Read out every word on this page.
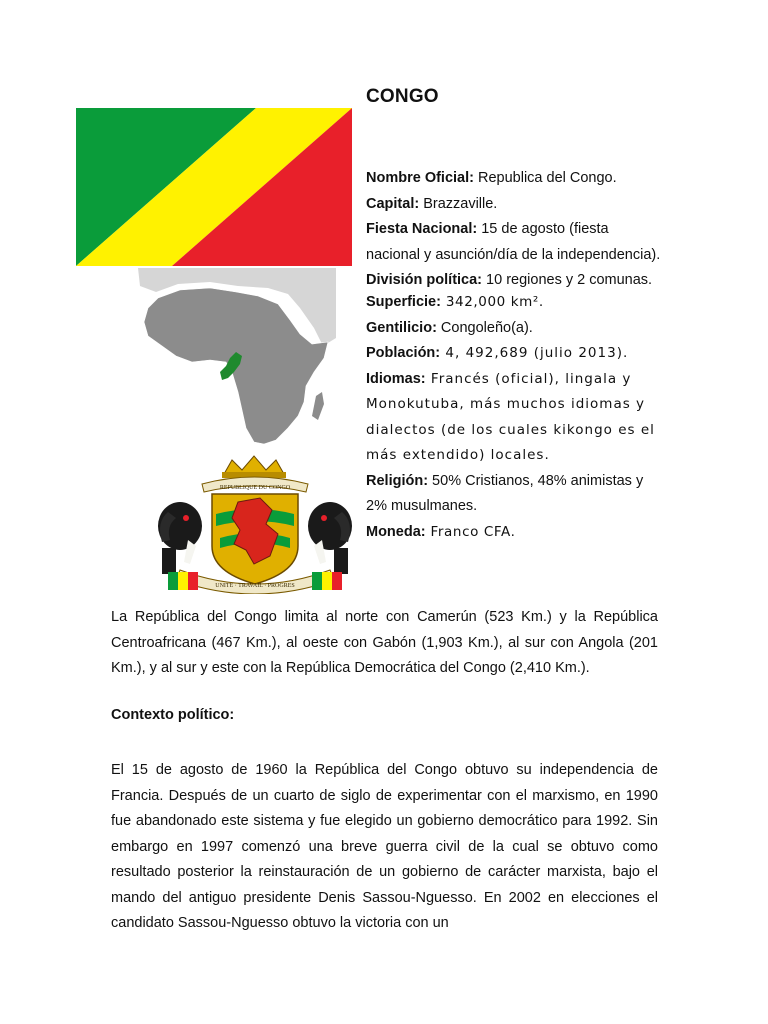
CONGO
REPUBLIQUE DU CONGO
UNITE · TRAVAIL · PROGRES

Nombre Oficial: Republica del Congo.

Capital: Brazzaville.

Fiesta Nacional: 15 de agosto (fiesta nacional y asunción/día de la independencia).

División política: 10 regiones y 2 comunas.

Superficie: 342,000 km².

Gentilicio: Congoleño(a).

Población: 4, 492,689 (julio 2013).

Idiomas: Francés (oficial), lingala y Monokutuba, más muchos idiomas y dialectos (de los cuales kikongo es el más extendido) locales.

Religión: 50% Cristianos, 48% animistas y 2% musulmanes.

Moneda: Franco CFA.

La República del Congo limita al norte con Camerún (523 Km.) y la República Centroafricana (467 Km.), al oeste con Gabón (1,903 Km.), al sur con Angola (201 Km.), y al sur y este con la República Democrática del Congo (2,410 Km.).

Contexto político:

El 15 de agosto de 1960 la República del Congo obtuvo su independencia de Francia. Después de un cuarto de siglo de experimentar con el marxismo, en 1990 fue abandonado este sistema y fue elegido un gobierno democrático para 1992. Sin embargo en 1997 comenzó una breve guerra civil de la cual se obtuvo como resultado posterior la reinstauración de un gobierno de carácter marxista, bajo el mando del antiguo presidente Denis Sassou-Nguesso. En 2002 en elecciones el candidato Sassou-Nguesso obtuvo la victoria con un
